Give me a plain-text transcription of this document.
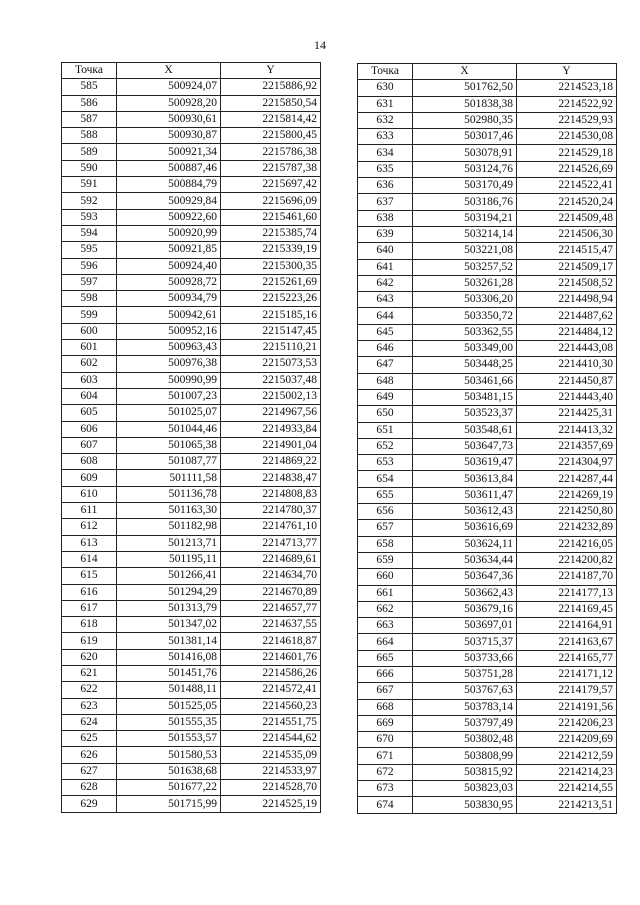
14
Точка	X	Y
585	500924,07	2215886,92
586	500928,20	2215850,54
587	500930,61	2215814,42
588	500930,87	2215800,45
589	500921,34	2215786,38
590	500887,46	2215787,38
591	500884,79	2215697,42
592	500929,84	2215696,09
593	500922,60	2215461,60
594	500920,99	2215385,74
595	500921,85	2215339,19
596	500924,40	2215300,35
597	500928,72	2215261,69
598	500934,79	2215223,26
599	500942,61	2215185,16
600	500952,16	2215147,45
601	500963,43	2215110,21
602	500976,38	2215073,53
603	500990,99	2215037,48
604	501007,23	2215002,13
605	501025,07	2214967,56
606	501044,46	2214933,84
607	501065,38	2214901,04
608	501087,77	2214869,22
609	501111,58	2214838,47
610	501136,78	2214808,83
611	501163,30	2214780,37
612	501182,98	2214761,10
613	501213,71	2214713,77
614	501195,11	2214689,61
615	501266,41	2214634,70
616	501294,29	2214670,89
617	501313,79	2214657,77
618	501347,02	2214637,55
619	501381,14	2214618,87
620	501416,08	2214601,76
621	501451,76	2214586,26
622	501488,11	2214572,41
623	501525,05	2214560,23
624	501555,35	2214551,75
625	501553,57	2214544,62
626	501580,53	2214535,09
627	501638,68	2214533,97
628	501677,22	2214528,70
629	501715,99	2214525,19
Точка	X	Y
630	501762,50	2214523,18
631	501838,38	2214522,92
632	502980,35	2214529,93
633	503017,46	2214530,08
634	503078,91	2214529,18
635	503124,76	2214526,69
636	503170,49	2214522,41
637	503186,76	2214520,24
638	503194,21	2214509,48
639	503214,14	2214506,30
640	503221,08	2214515,47
641	503257,52	2214509,17
642	503261,28	2214508,52
643	503306,20	2214498,94
644	503350,72	2214487,62
645	503362,55	2214484,12
646	503349,00	2214443,08
647	503448,25	2214410,30
648	503461,66	2214450,87
649	503481,15	2214443,40
650	503523,37	2214425,31
651	503548,61	2214413,32
652	503647,73	2214357,69
653	503619,47	2214304,97
654	503613,84	2214287,44
655	503611,47	2214269,19
656	503612,43	2214250,80
657	503616,69	2214232,89
658	503624,11	2214216,05
659	503634,44	2214200,82
660	503647,36	2214187,70
661	503662,43	2214177,13
662	503679,16	2214169,45
663	503697,01	2214164,91
664	503715,37	2214163,67
665	503733,66	2214165,77
666	503751,28	2214171,12
667	503767,63	2214179,57
668	503783,14	2214191,56
669	503797,49	2214206,23
670	503802,48	2214209,69
671	503808,99	2214212,59
672	503815,92	2214214,23
673	503823,03	2214214,55
674	503830,95	2214213,51
